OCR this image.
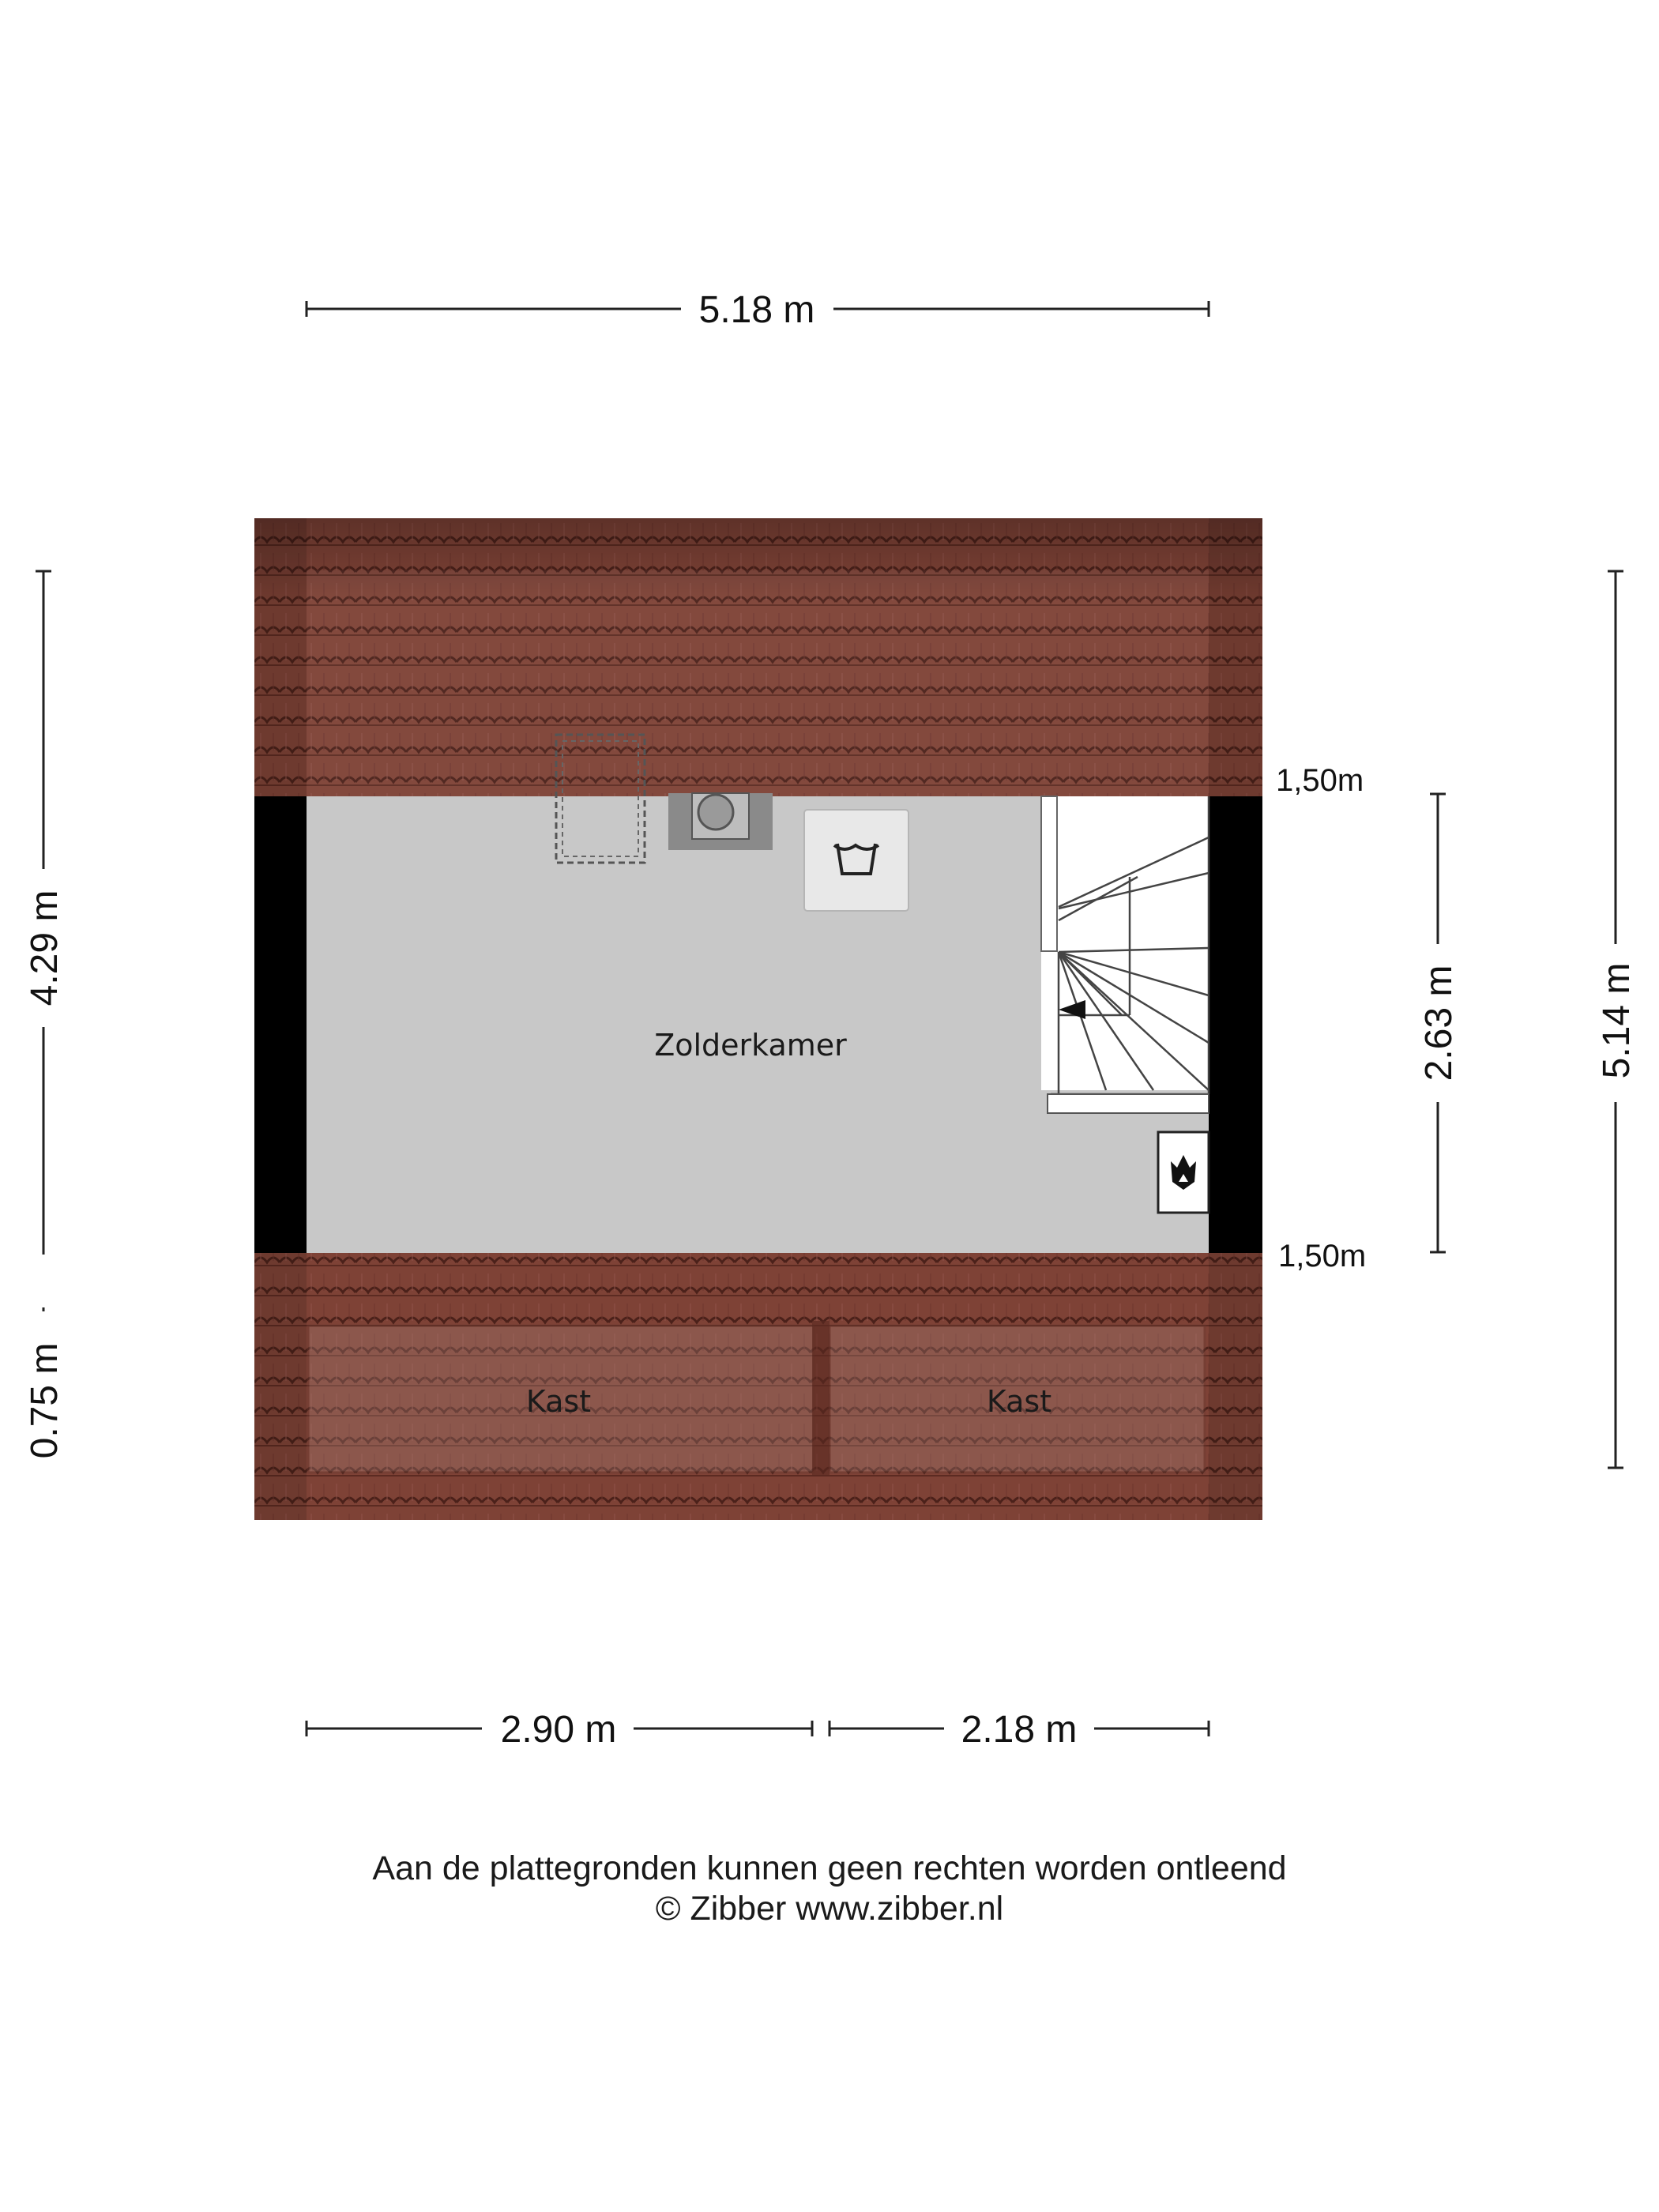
5.18 m
4.29 m
0.75 m
2.63 m	5.14 m
2.90 m	2.18 m
1,50m
1,50m
Kast	Kast
Zolderkamer
Aan de plattegronden kunnen geen rechten worden ontleend
© Zibber www.zibber.nl
